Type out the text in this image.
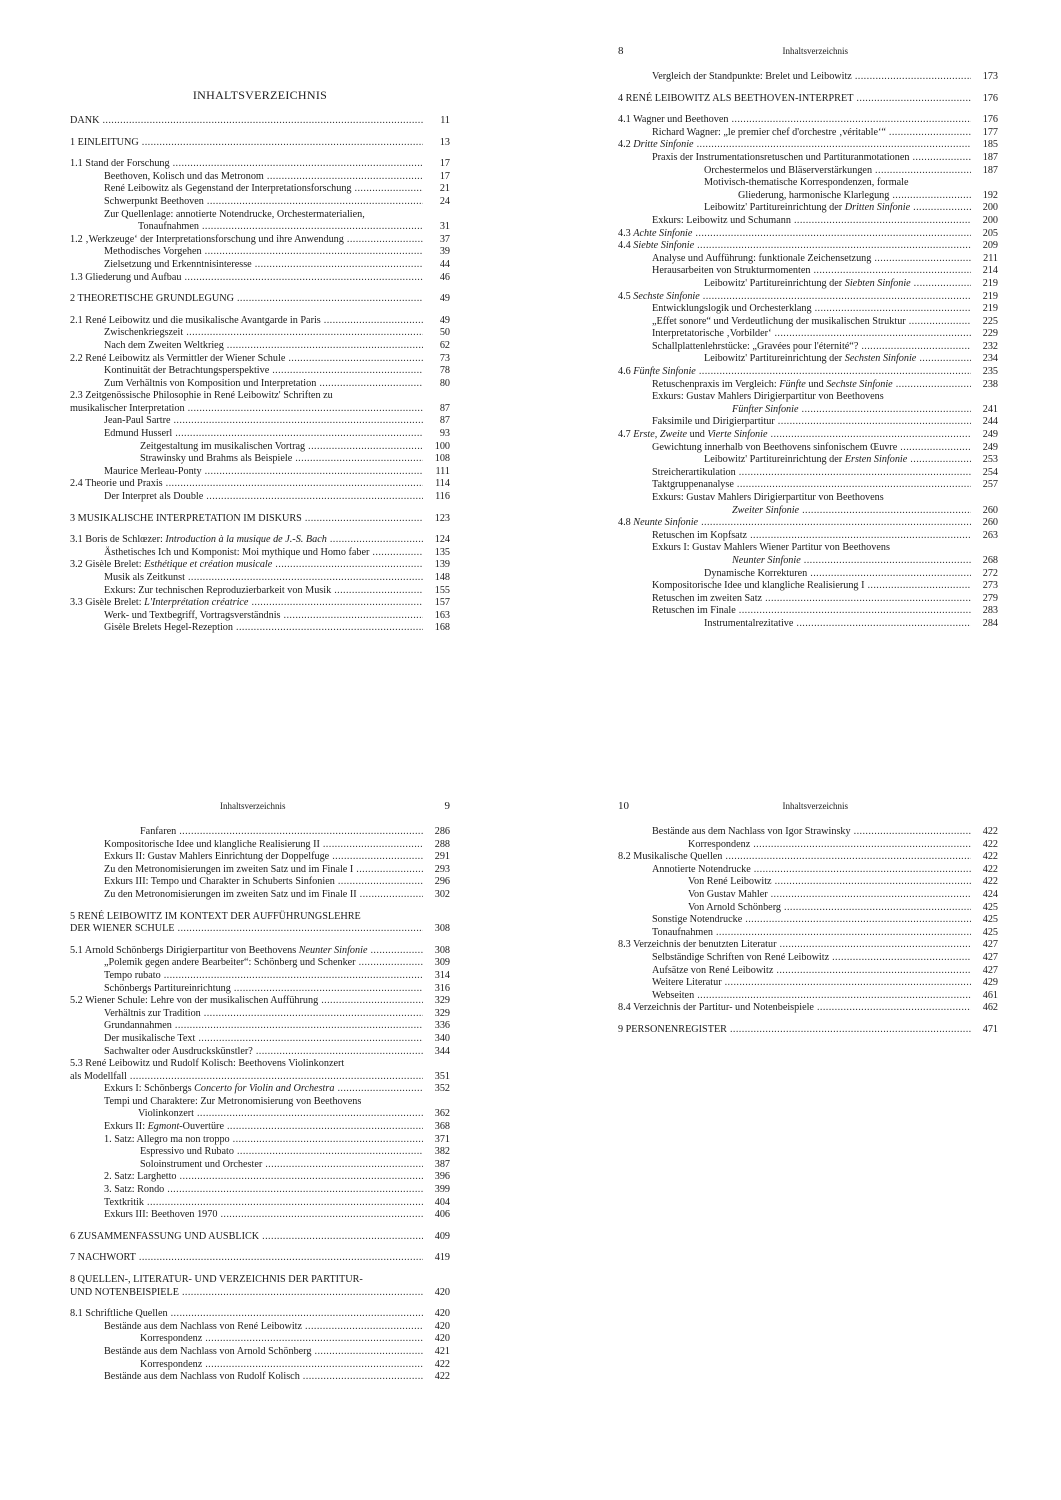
INHALTSVERZEICHNIS
DANK .....	11
1 EINLEITUNG .....	13
1.1 Stand der Forschung .....	17
Beethoven, Kolisch und das Metronom .....	17
René Leibowitz als Gegenstand der Interpretationsforschung .....	21
Schwerpunkt Beethoven .....	24
Zur Quellenlage: annotierte Notendrucke, Orchestermaterialien,
Tonaufnahmen .....	31
1.2 ‚Werkzeuge‘ der Interpretationsforschung und ihre Anwendung .....	37
Methodisches Vorgehen .....	39
Zielsetzung und Erkenntnisinteresse .....	44
1.3 Gliederung und Aufbau .....	46
2 THEORETISCHE GRUNDLEGUNG .....	49
2.1 René Leibowitz und die musikalische Avantgarde in Paris .....	49
Zwischenkriegszeit .....	50
Nach dem Zweiten Weltkrieg .....	62
2.2 René Leibowitz als Vermittler der Wiener Schule .....	73
Kontinuität der Betrachtungsperspektive .....	78
Zum Verhältnis von Komposition und Interpretation .....	80
2.3 Zeitgenössische Philosophie in René Leibowitz' Schriften zu
musikalischer Interpretation .....	87
Jean-Paul Sartre .....	87
Edmund Husserl .....	93
Zeitgestaltung im musikalischen Vortrag .....	100
Strawinsky und Brahms als Beispiele .....	108
Maurice Merleau-Ponty .....	111
2.4 Theorie und Praxis .....	114
Der Interpret als Double .....	116
3 MUSIKALISCHE INTERPRETATION IM DISKURS .....	123
3.1 Boris de Schlœzer: Introduction à la musique de J.-S. Bach .....	124
Ästhetisches Ich und Komponist: Moi mythique und Homo faber .....	135
3.2 Gisèle Brelet: Esthétique et création musicale .....	139
Musik als Zeitkunst .....	148
Exkurs: Zur technischen Reproduzierbarkeit von Musik .....	155
3.3 Gisèle Brelet: L'Interprétation créatrice .....	157
Werk- und Textbegriff, Vortragsverständnis .....	163
Gisèle Brelets Hegel-Rezeption .....	168
8	Inhaltsverzeichnis
Vergleich der Standpunkte: Brelet und Leibowitz .....	173
4 RENÉ LEIBOWITZ ALS BEETHOVEN-INTERPRET .....	176
4.1 Wagner und Beethoven .....	176
Richard Wagner: „le premier chef d'orchestre ‚véritable‘“ .....	177
4.2 Dritte Sinfonie .....	185
Praxis der Instrumentationsretuschen und Partituranmotationen .....	187
Orchestermelos und Bläserverstärkungen .....	187
Motivisch-thematische Korrespondenzen, formale
Gliederung, harmonische Klarlegung .....	192
Leibowitz' Partitureinrichtung der Dritten Sinfonie .....	200
Exkurs: Leibowitz und Schumann .....	200
4.3 Achte Sinfonie .....	205
4.4 Siebte Sinfonie .....	209
Analyse und Aufführung: funktionale Zeichensetzung .....	211
Herausarbeiten von Strukturmomenten .....	214
Leibowitz' Partitureinrichtung der Siebten Sinfonie .....	219
4.5 Sechste Sinfonie .....	219
Entwicklungslogik und Orchesterklang .....	219
„Effet sonore“ und Verdeutlichung der musikalischen Struktur .....	225
Interpretatorische ‚Vorbilder‘ .....	229
Schallplattenlehrstücke: „Gravées pour l'éternité“? .....	232
Leibowitz' Partitureinrichtung der Sechsten Sinfonie .....	234
4.6 Fünfte Sinfonie .....	235
Retuschenpraxis im Vergleich: Fünfte und Sechste Sinfonie .....	238
Exkurs: Gustav Mahlers Dirigierpartitur von Beethovens
Fünfter Sinfonie .....	241
Faksimile und Dirigierpartitur .....	244
4.7 Erste, Zweite und Vierte Sinfonie .....	249
Gewichtung innerhalb von Beethovens sinfonischem Œuvre .....	249
Leibowitz' Partitureinrichtung der Ersten Sinfonie .....	253
Streicherartikulation .....	254
Taktgruppenanalyse .....	257
Exkurs: Gustav Mahlers Dirigierpartitur von Beethovens
Zweiter Sinfonie .....	260
4.8 Neunte Sinfonie .....	260
Retuschen im Kopfsatz .....	263
Exkurs I: Gustav Mahlers Wiener Partitur von Beethovens
Neunter Sinfonie .....	268
Dynamische Korrekturen .....	272
Kompositorische Idee und klangliche Realisierung I .....	273
Retuschen im zweiten Satz .....	279
Retuschen im Finale .....	283
Instrumentalrezitative .....	284
Inhaltsverzeichnis	9
Fanfaren .....	286
Kompositorische Idee und klangliche Realisierung II .....	288
Exkurs II: Gustav Mahlers Einrichtung der Doppelfuge .....	291
Zu den Metronomisierungen im zweiten Satz und im Finale I .....	293
Exkurs III: Tempo und Charakter in Schuberts Sinfonien .....	296
Zu den Metronomisierungen im zweiten Satz und im Finale II .....	302
5 RENÉ LEIBOWITZ IM KONTEXT DER AUFFÜHRUNGSLEHRE
DER WIENER SCHULE .....	308
5.1 Arnold Schönbergs Dirigierpartitur von Beethovens Neunter Sinfonie .....	308
„Polemik gegen andere Bearbeiter“: Schönberg und Schenker .....	309
Tempo rubato .....	314
Schönbergs Partitureinrichtung .....	316
5.2 Wiener Schule: Lehre von der musikalischen Aufführung .....	329
Verhältnis zur Tradition .....	329
Grundannahmen .....	336
Der musikalische Text .....	340
Sachwalter oder Ausdruckskünstler? .....	344
5.3 René Leibowitz und Rudolf Kolisch: Beethovens Violinkonzert
als Modellfall .....	351
Exkurs I: Schönbergs Concerto for Violin and Orchestra .....	352
Tempi und Charaktere: Zur Metronomisierung von Beethovens
Violinkonzert .....	362
Exkurs II: Egmont-Ouvertüre .....	368
1. Satz: Allegro ma non troppo .....	371
Espressivo und Rubato .....	382
Soloinstrument und Orchester .....	387
2. Satz: Larghetto .....	396
3. Satz: Rondo .....	399
Textkritik .....	404
Exkurs III: Beethoven 1970 .....	406
6 ZUSAMMENFASSUNG UND AUSBLICK .....	409
7 NACHWORT .....	419
8 QUELLEN-, LITERATUR- UND VERZEICHNIS DER PARTITUR-
UND NOTENBEISPIELE .....	420
8.1 Schriftliche Quellen .....	420
Bestände aus dem Nachlass von René Leibowitz .....	420
Korrespondenz .....	420
Bestände aus dem Nachlass von Arnold Schönberg .....	421
Korrespondenz .....	422
Bestände aus dem Nachlass von Rudolf Kolisch .....	422
10	Inhaltsverzeichnis
Bestände aus dem Nachlass von Igor Strawinsky .....	422
Korrespondenz .....	422
8.2 Musikalische Quellen .....	422
Annotierte Notendrucke .....	422
Von René Leibowitz .....	422
Von Gustav Mahler .....	424
Von Arnold Schönberg .....	425
Sonstige Notendrucke .....	425
Tonaufnahmen .....	425
8.3 Verzeichnis der benutzten Literatur .....	427
Selbständige Schriften von René Leibowitz .....	427
Aufsätze von René Leibowitz .....	427
Weitere Literatur .....	429
Webseiten .....	461
8.4 Verzeichnis der Partitur- und Notenbeispiele .....	462
9 PERSONENREGISTER .....	471
